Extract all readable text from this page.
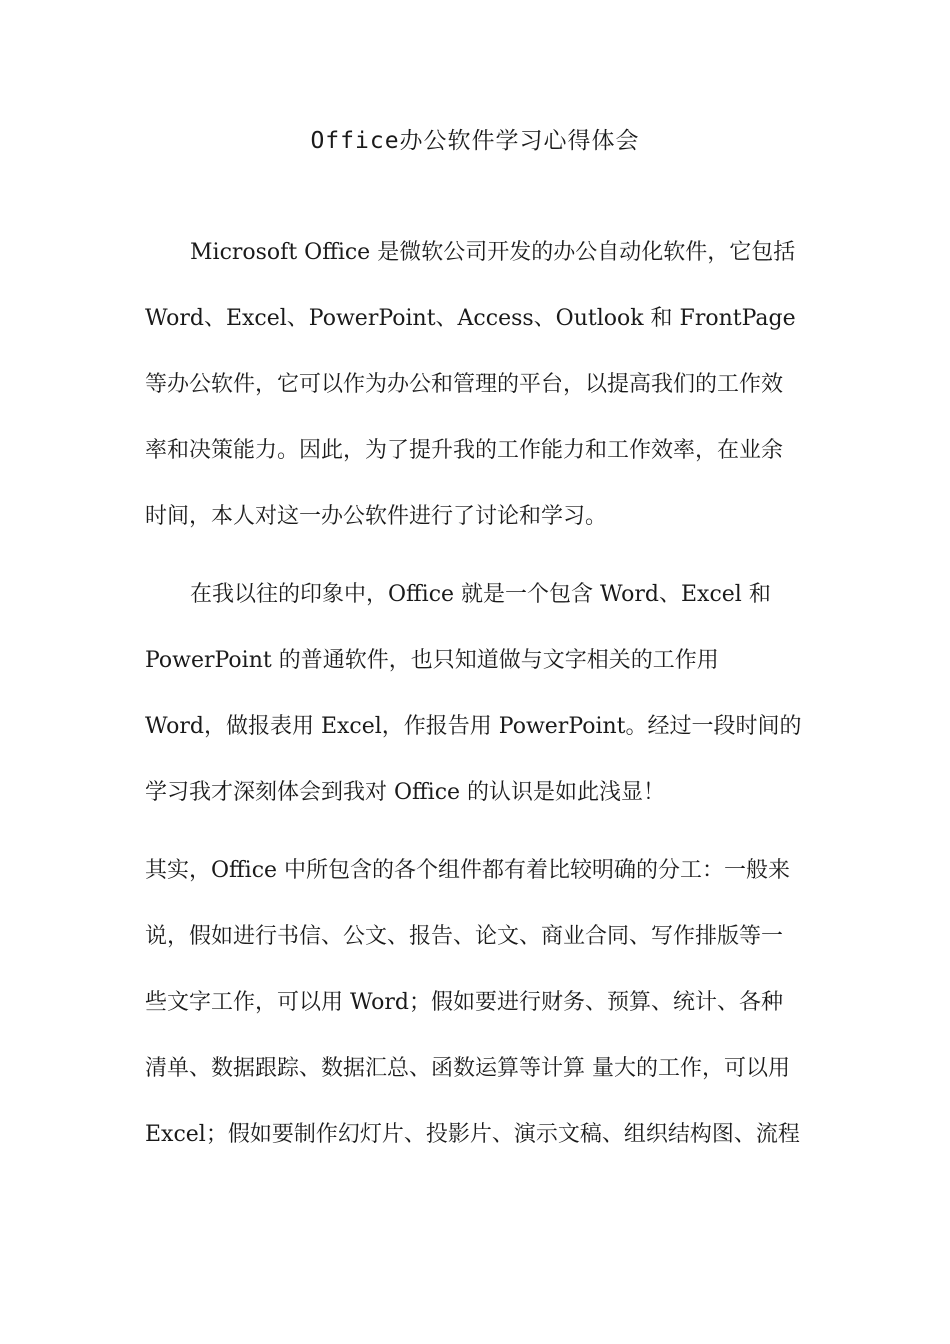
Office办公软件学习心得体会
Microsoft Office 是微软公司开发的办公自动化软件，它包括
Word、Excel、PowerPoint、Access、Outlook 和 FrontPage
等办公软件，它可以作为办公和管理的平台，以提高我们的工作效
率和决策能力。因此，为了提升我的工作能力和工作效率，在业余
时间，本人对这一办公软件进行了讨论和学习。
在我以往的印象中，Office 就是一个包含 Word、Excel 和
PowerPoint 的普通软件，也只知道做与文字相关的工作用
Word，做报表用 Excel，作报告用 PowerPoint。经过一段时间的
学习我才深刻体会到我对 Office 的认识是如此浅显！
其实，Office 中所包含的各个组件都有着比较明确的分工：一般来
说，假如进行书信、公文、报告、论文、商业合同、写作排版等一
些文字工作，可以用 Word；假如要进行财务、预算、统计、各种
清单、数据跟踪、数据汇总、函数运算等计算 量大的工作，可以用
Excel；假如要制作幻灯片、投影片、演示文稿、组织结构图、流程
